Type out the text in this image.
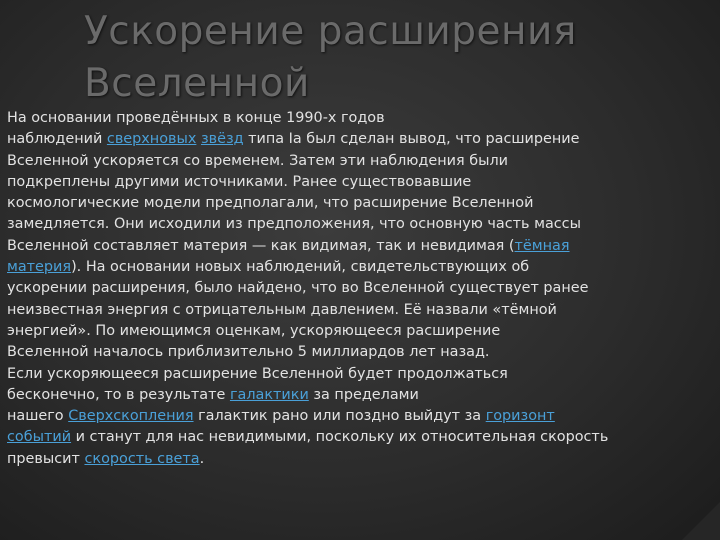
Ускорение расширения
Вселенной
На основании проведённых в конце 1990-х годов
наблюдений сверхновых звёзд типа Ia был сделан вывод, что расширение
Вселенной ускоряется со временем. Затем эти наблюдения были
подкреплены другими источниками. Ранее существовавшие
космологические модели предполагали, что расширение Вселенной
замедляется. Они исходили из предположения, что основную часть массы
Вселенной составляет материя — как видимая, так и невидимая (тёмная
материя). На основании новых наблюдений, свидетельствующих об
ускорении расширения, было найдено, что во Вселенной существует ранее
неизвестная энергия с отрицательным давлением. Её назвали «тёмной
энергией». По имеющимся оценкам, ускоряющееся расширение
Вселенной началось приблизительно 5 миллиардов лет назад.
Если ускоряющееся расширение Вселенной будет продолжаться
бесконечно, то в результате галактики за пределами
нашего Сверхскопления галактик рано или поздно выйдут за горизонт
событий и станут для нас невидимыми, поскольку их относительная скорость
превысит скорость света.
